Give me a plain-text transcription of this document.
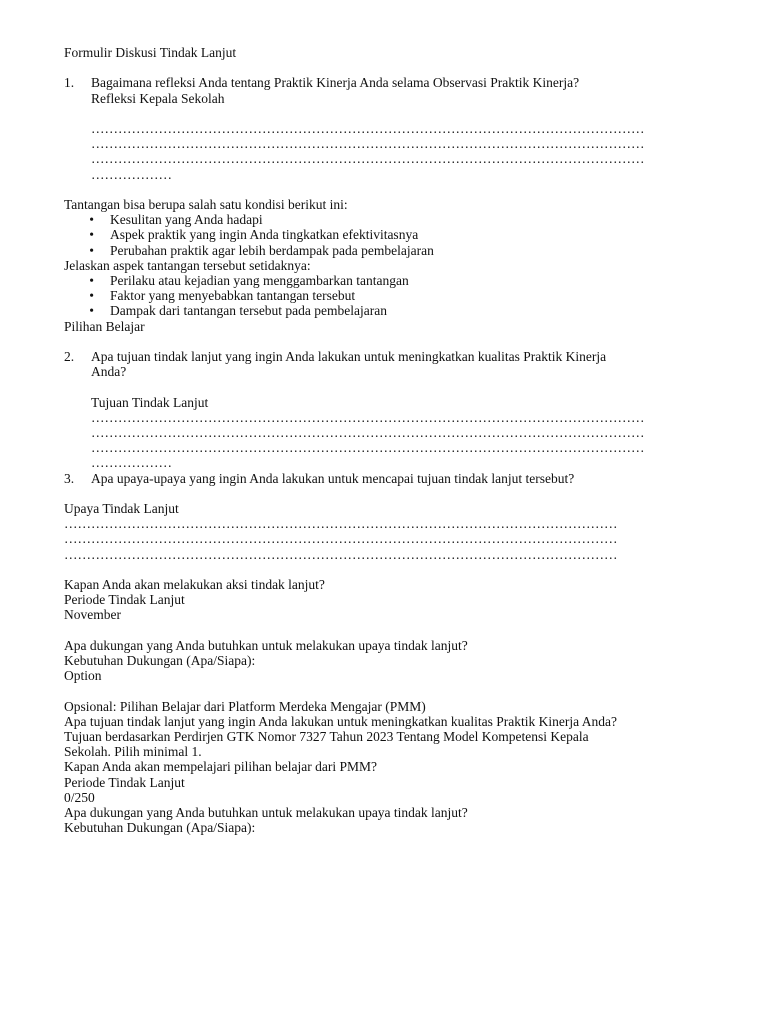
Formulir Diskusi Tindak Lanjut
1.	Bagaimana refleksi Anda tentang Praktik Kinerja Anda selama Observasi Praktik Kinerja?
Refleksi Kepala Sekolah
……………………………………………………………………………………………………………
……………………………………………………………………………………………………………
……………………………………………………………………………………………………………
………………
Tantangan bisa berupa salah satu kondisi berikut ini:
•	Kesulitan yang Anda hadapi
•	Aspek praktik yang ingin Anda tingkatkan efektivitasnya
•	Perubahan praktik agar lebih berdampak pada pembelajaran
Jelaskan aspek tantangan tersebut setidaknya:
•	Perilaku atau kejadian yang menggambarkan tantangan
•	Faktor yang menyebabkan tantangan tersebut
•	Dampak dari tantangan tersebut pada pembelajaran
Pilihan Belajar
2.	Apa tujuan tindak lanjut yang ingin Anda lakukan untuk meningkatkan kualitas Praktik Kinerja
Anda?
Tujuan Tindak Lanjut
……………………………………………………………………………………………………………
……………………………………………………………………………………………………………
……………………………………………………………………………………………………………
………………
3.	Apa upaya-upaya yang ingin Anda lakukan untuk mencapai tujuan tindak lanjut tersebut?
Upaya Tindak Lanjut
……………………………………………………………………………………………………………
……………………………………………………………………………………………………………
……………………………………………………………………………………………………………
Kapan Anda akan melakukan aksi tindak lanjut?
Periode Tindak Lanjut
November
Apa dukungan yang Anda butuhkan untuk melakukan upaya tindak lanjut?
Kebutuhan Dukungan (Apa/Siapa):
Option
Opsional: Pilihan Belajar dari Platform Merdeka Mengajar (PMM)
Apa tujuan tindak lanjut yang ingin Anda lakukan untuk meningkatkan kualitas Praktik Kinerja Anda?
Tujuan berdasarkan Perdirjen GTK Nomor 7327 Tahun 2023 Tentang Model Kompetensi Kepala
Sekolah. Pilih minimal 1.
Kapan Anda akan mempelajari pilihan belajar dari PMM?
Periode Tindak Lanjut
0/250
Apa dukungan yang Anda butuhkan untuk melakukan upaya tindak lanjut?
Kebutuhan Dukungan (Apa/Siapa):
